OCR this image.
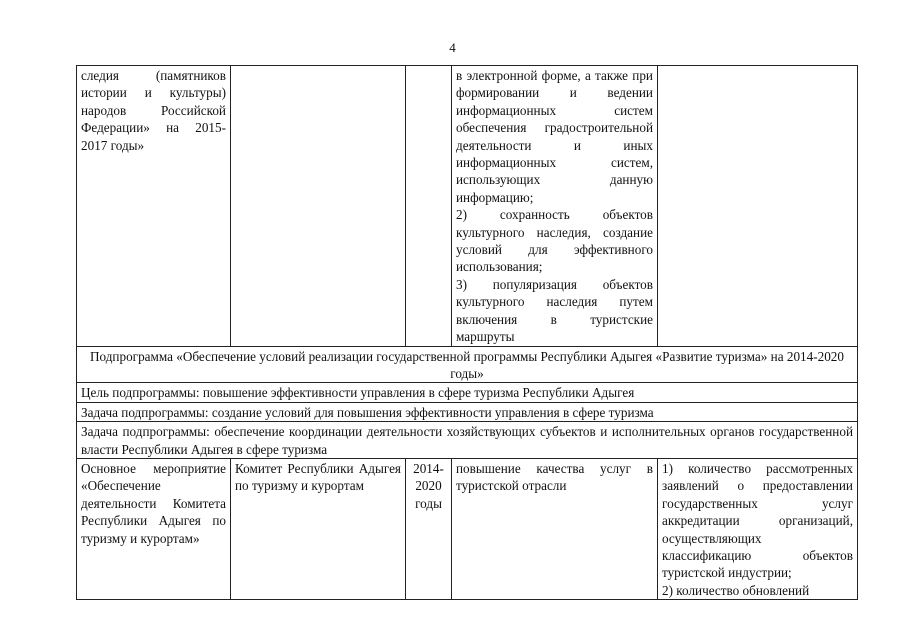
4
следия (памятников истории и культуры) народов Российской Федерации» на 2015-2017 годы»			в электронной форме, а также при формировании и ведении информационных систем обеспечения градостроительной деятельности и иных информационных систем, использующих данную информацию;
2) сохранность объектов культурного наследия, создание условий для эффективного использования;
3) популяризация объектов культурного наследия путем включения в туристские маршруты	

Подпрограмма «Обеспечение условий реализации государственной программы Республики Адыгея «Развитие туризма» на 2014-2020 годы»				
Цель подпрограммы: повышение эффективности управления в сфере туризма Республики Адыгея				
Задача подпрограммы: создание условий для повышения эффективности управления в сфере туризма				
Задача подпрограммы: обеспечение координации деятельности хозяйствующих субъектов и исполнительных органов государственной власти Республики Адыгея в сфере туризма				
Основное мероприятие «Обеспечение деятельности Комитета Республики Адыгея по туризму и курортам»	Комитет Республики Адыгея по туризму и курортам	2014-2020 годы	повышение качества услуг в туристской отрасли	1) количество рассмотренных заявлений о предоставлении государственных услуг аккредитации организаций, осуществляющих классификацию объектов туристской индустрии;
2) количество обновлений
